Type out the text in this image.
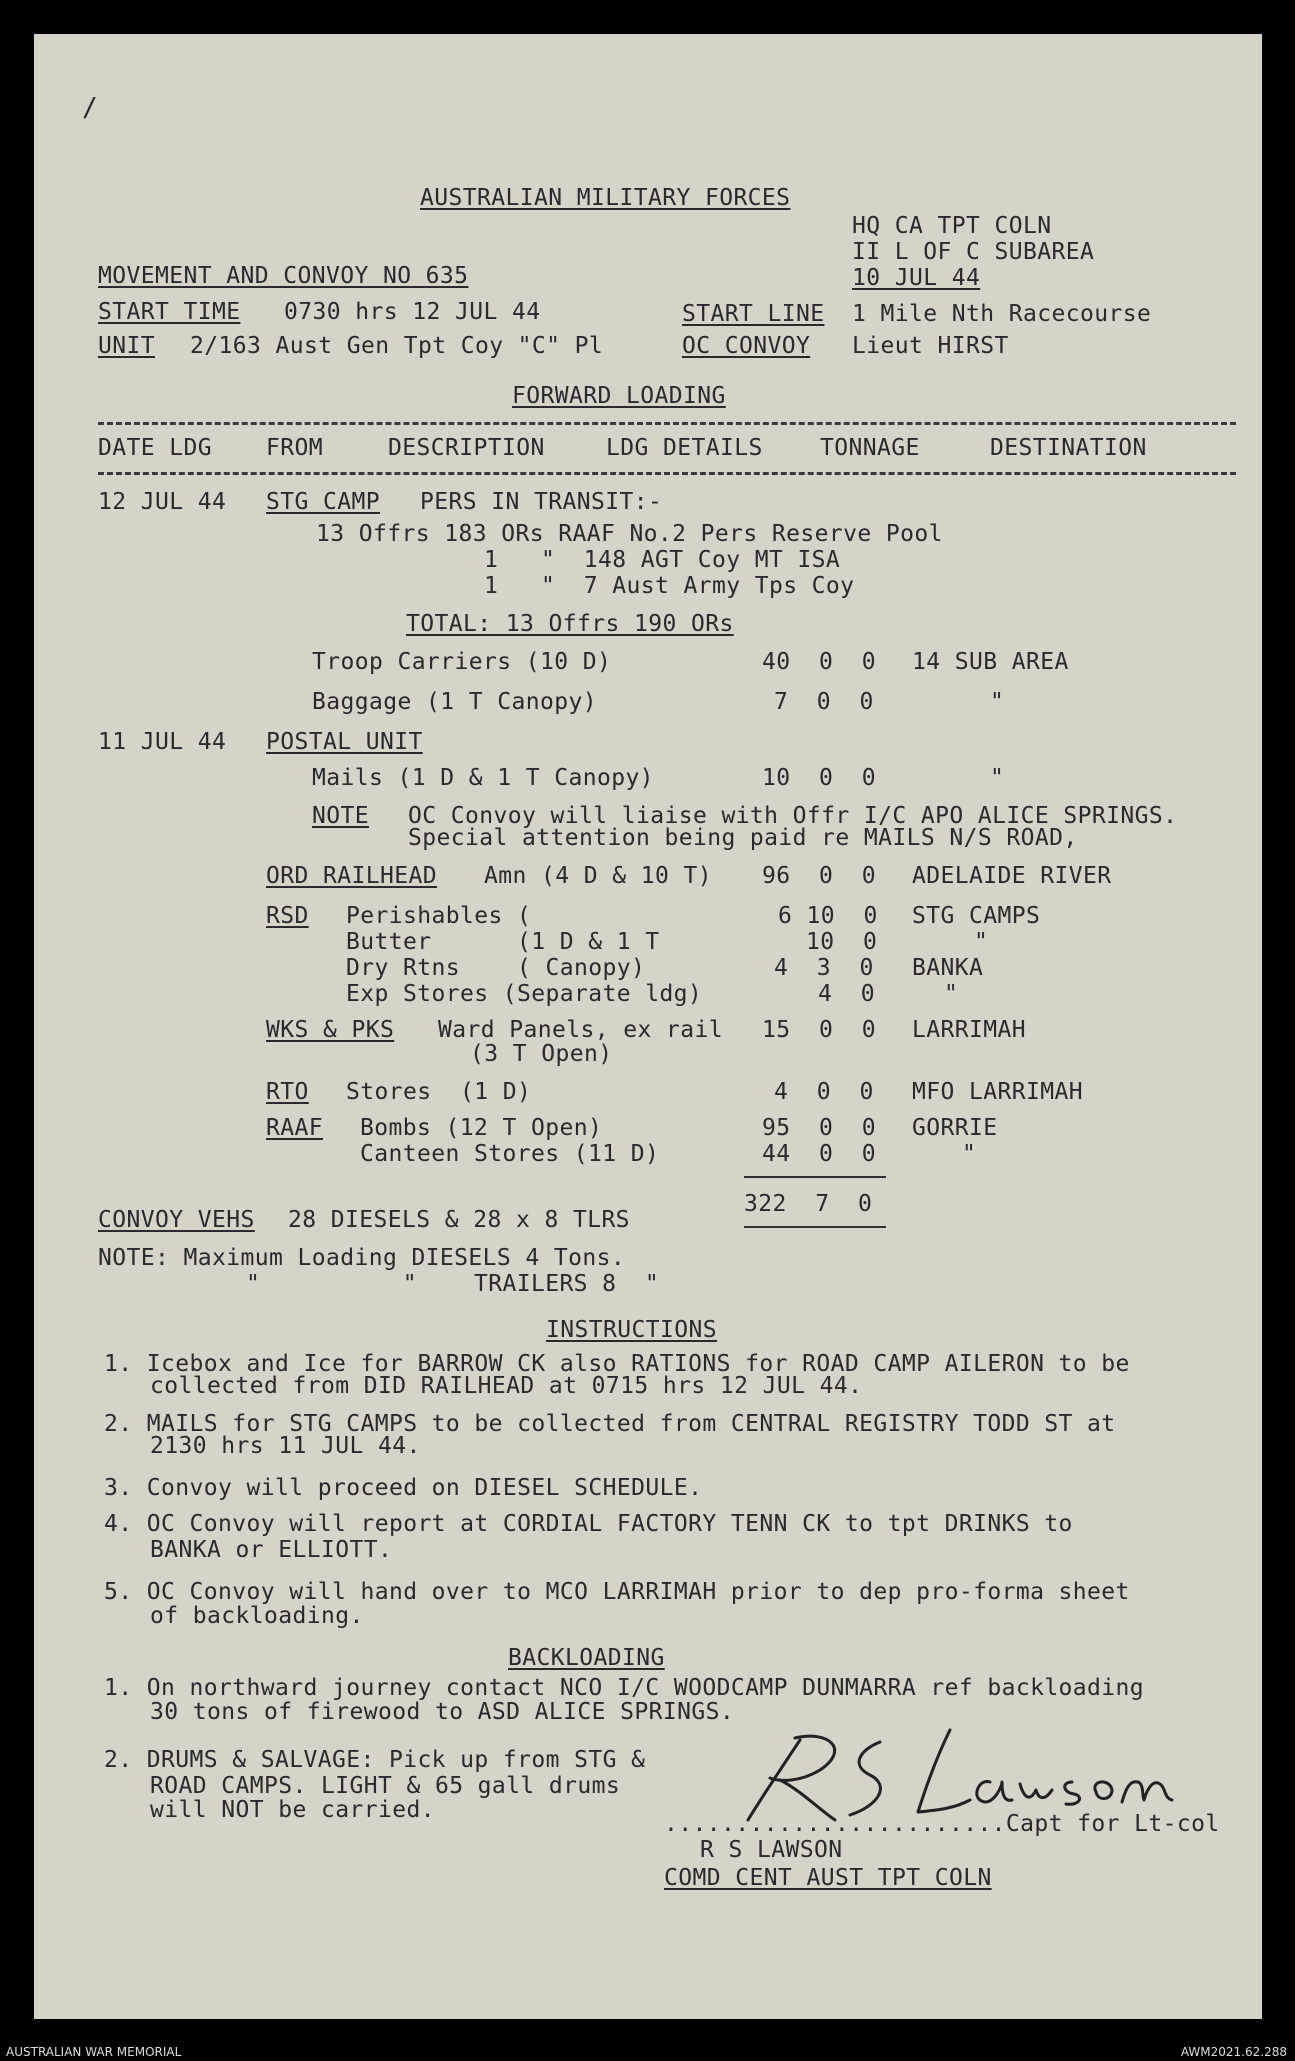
/
AUSTRALIAN MILITARY FORCES
HQ CA TPT COLN
II L OF C SUBAREA
10 JUL 44
MOVEMENT AND CONVOY NO 635
START TIME 0730 hrs 12 JUL 44	START LINE 1 Mile Nth Racecourse
UNIT 2/163 Aust Gen Tpt Coy "C" Pl	OC CONVOY Lieut HIRST
FORWARD LOADING
DATE LDG FROM	DESCRIPTION	LDG DETAILS TONNAGE	DESTINATION
12 JUL 44 STG CAMP PERS IN TRANSIT:-
13 Offrs 183 ORs RAAF No.2 Pers Reserve Pool
1   "  148 AGT Coy MT ISA
1   "  7 Aust Army Tps Coy
TOTAL: 13 Offrs 190 ORs
Troop Carriers (10 D)	40  0  0 14 SUB AREA
Baggage (1 T Canopy)	7  0  0	"
11 JUL 44 POSTAL UNIT
Mails (1 D & 1 T Canopy)	10  0  0	"
NOTE OC Convoy will liaise with Offr I/C APO ALICE SPRINGS.
Special attention being paid re MAILS N/S ROAD,
ORD RAILHEAD Amn (4 D & 10 T) 96  0  0 ADELAIDE RIVER
RSD Perishables (	6 10  0 STG CAMPS
Butter      (1 D & 1 T	10  0	"
Dry Rtns    ( Canopy)	4  3  0 BANKA
Exp Stores (Separate ldg)	4  0	"
WKS & PKS Ward Panels, ex rail 15  0  0 LARRIMAH
(3 T Open)
RTO Stores  (1 D)	4  0  0 MFO LARRIMAH
RAAF Bombs (12 T Open)	95  0  0 GORRIE
Canteen Stores (11 D)	44  0  0	"
322  7  0
CONVOY VEHS 28 DIESELS & 28 x 8 TLRS
NOTE: Maximum Loading DIESELS 4 Tons.
"          "    TRAILERS 8  "
INSTRUCTIONS
1. Icebox and Ice for BARROW CK also RATIONS for ROAD CAMP AILERON to be
collected from DID RAILHEAD at 0715 hrs 12 JUL 44.
2. MAILS for STG CAMPS to be collected from CENTRAL REGISTRY TODD ST at
2130 hrs 11 JUL 44.
3. Convoy will proceed on DIESEL SCHEDULE.
4. OC Convoy will report at CORDIAL FACTORY TENN CK to tpt DRINKS to
BANKA or ELLIOTT.
5. OC Convoy will hand over to MCO LARRIMAH prior to dep pro-forma sheet
of backloading.
BACKLOADING
1. On northward journey contact NCO I/C WOODCAMP DUNMARRA ref backloading
30 tons of firewood to ASD ALICE SPRINGS.
2. DRUMS & SALVAGE: Pick up from STG &
ROAD CAMPS. LIGHT & 65 gall drums
will NOT be carried.
........................Capt for Lt-col
R S LAWSON
COMD CENT AUST TPT COLN
AUSTRALIAN WAR MEMORIAL	AWM2021.62.288
